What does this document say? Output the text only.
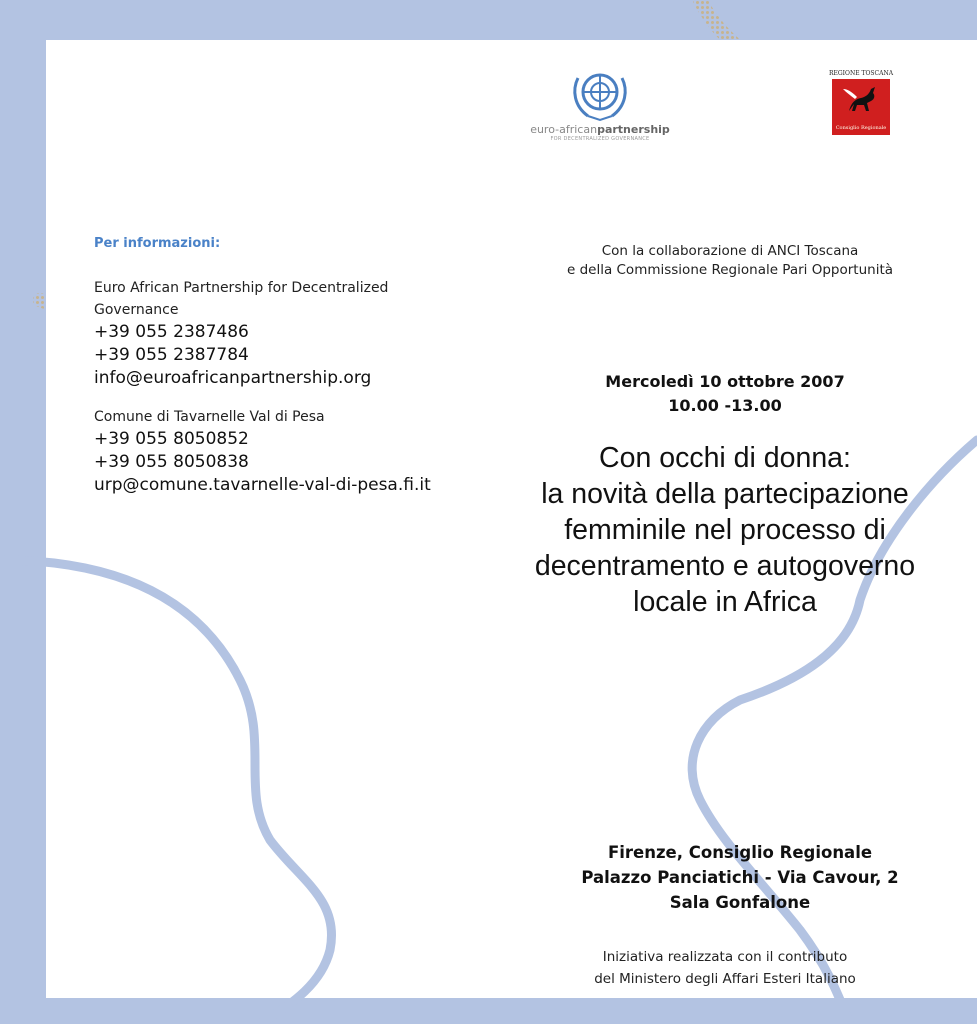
euro-africanpartnership
FOR DECENTRALIZED GOVERNANCE
REGIONE TOSCANA
Consiglio Regionale
Per informazioni:
Euro African Partnership for Decentralized
Governance
+39 055 2387486
+39 055 2387784
info@euroafricanpartnership.org
Comune di Tavarnelle Val di Pesa
+39 055 8050852
+39 055 8050838
urp@comune.tavarnelle-val-di-pesa.fi.it
Con la collaborazione di ANCI Toscana
e della Commissione Regionale Pari Opportunità
Mercoledì 10 ottobre 2007
10.00 -13.00
Con occhi di donna:
la novità della partecipazione
femminile nel processo di
decentramento e autogoverno
locale in Africa
Firenze, Consiglio Regionale
Palazzo Panciatichi - Via Cavour, 2
Sala Gonfalone
Iniziativa realizzata con il contributo
del Ministero degli Affari Esteri Italiano
